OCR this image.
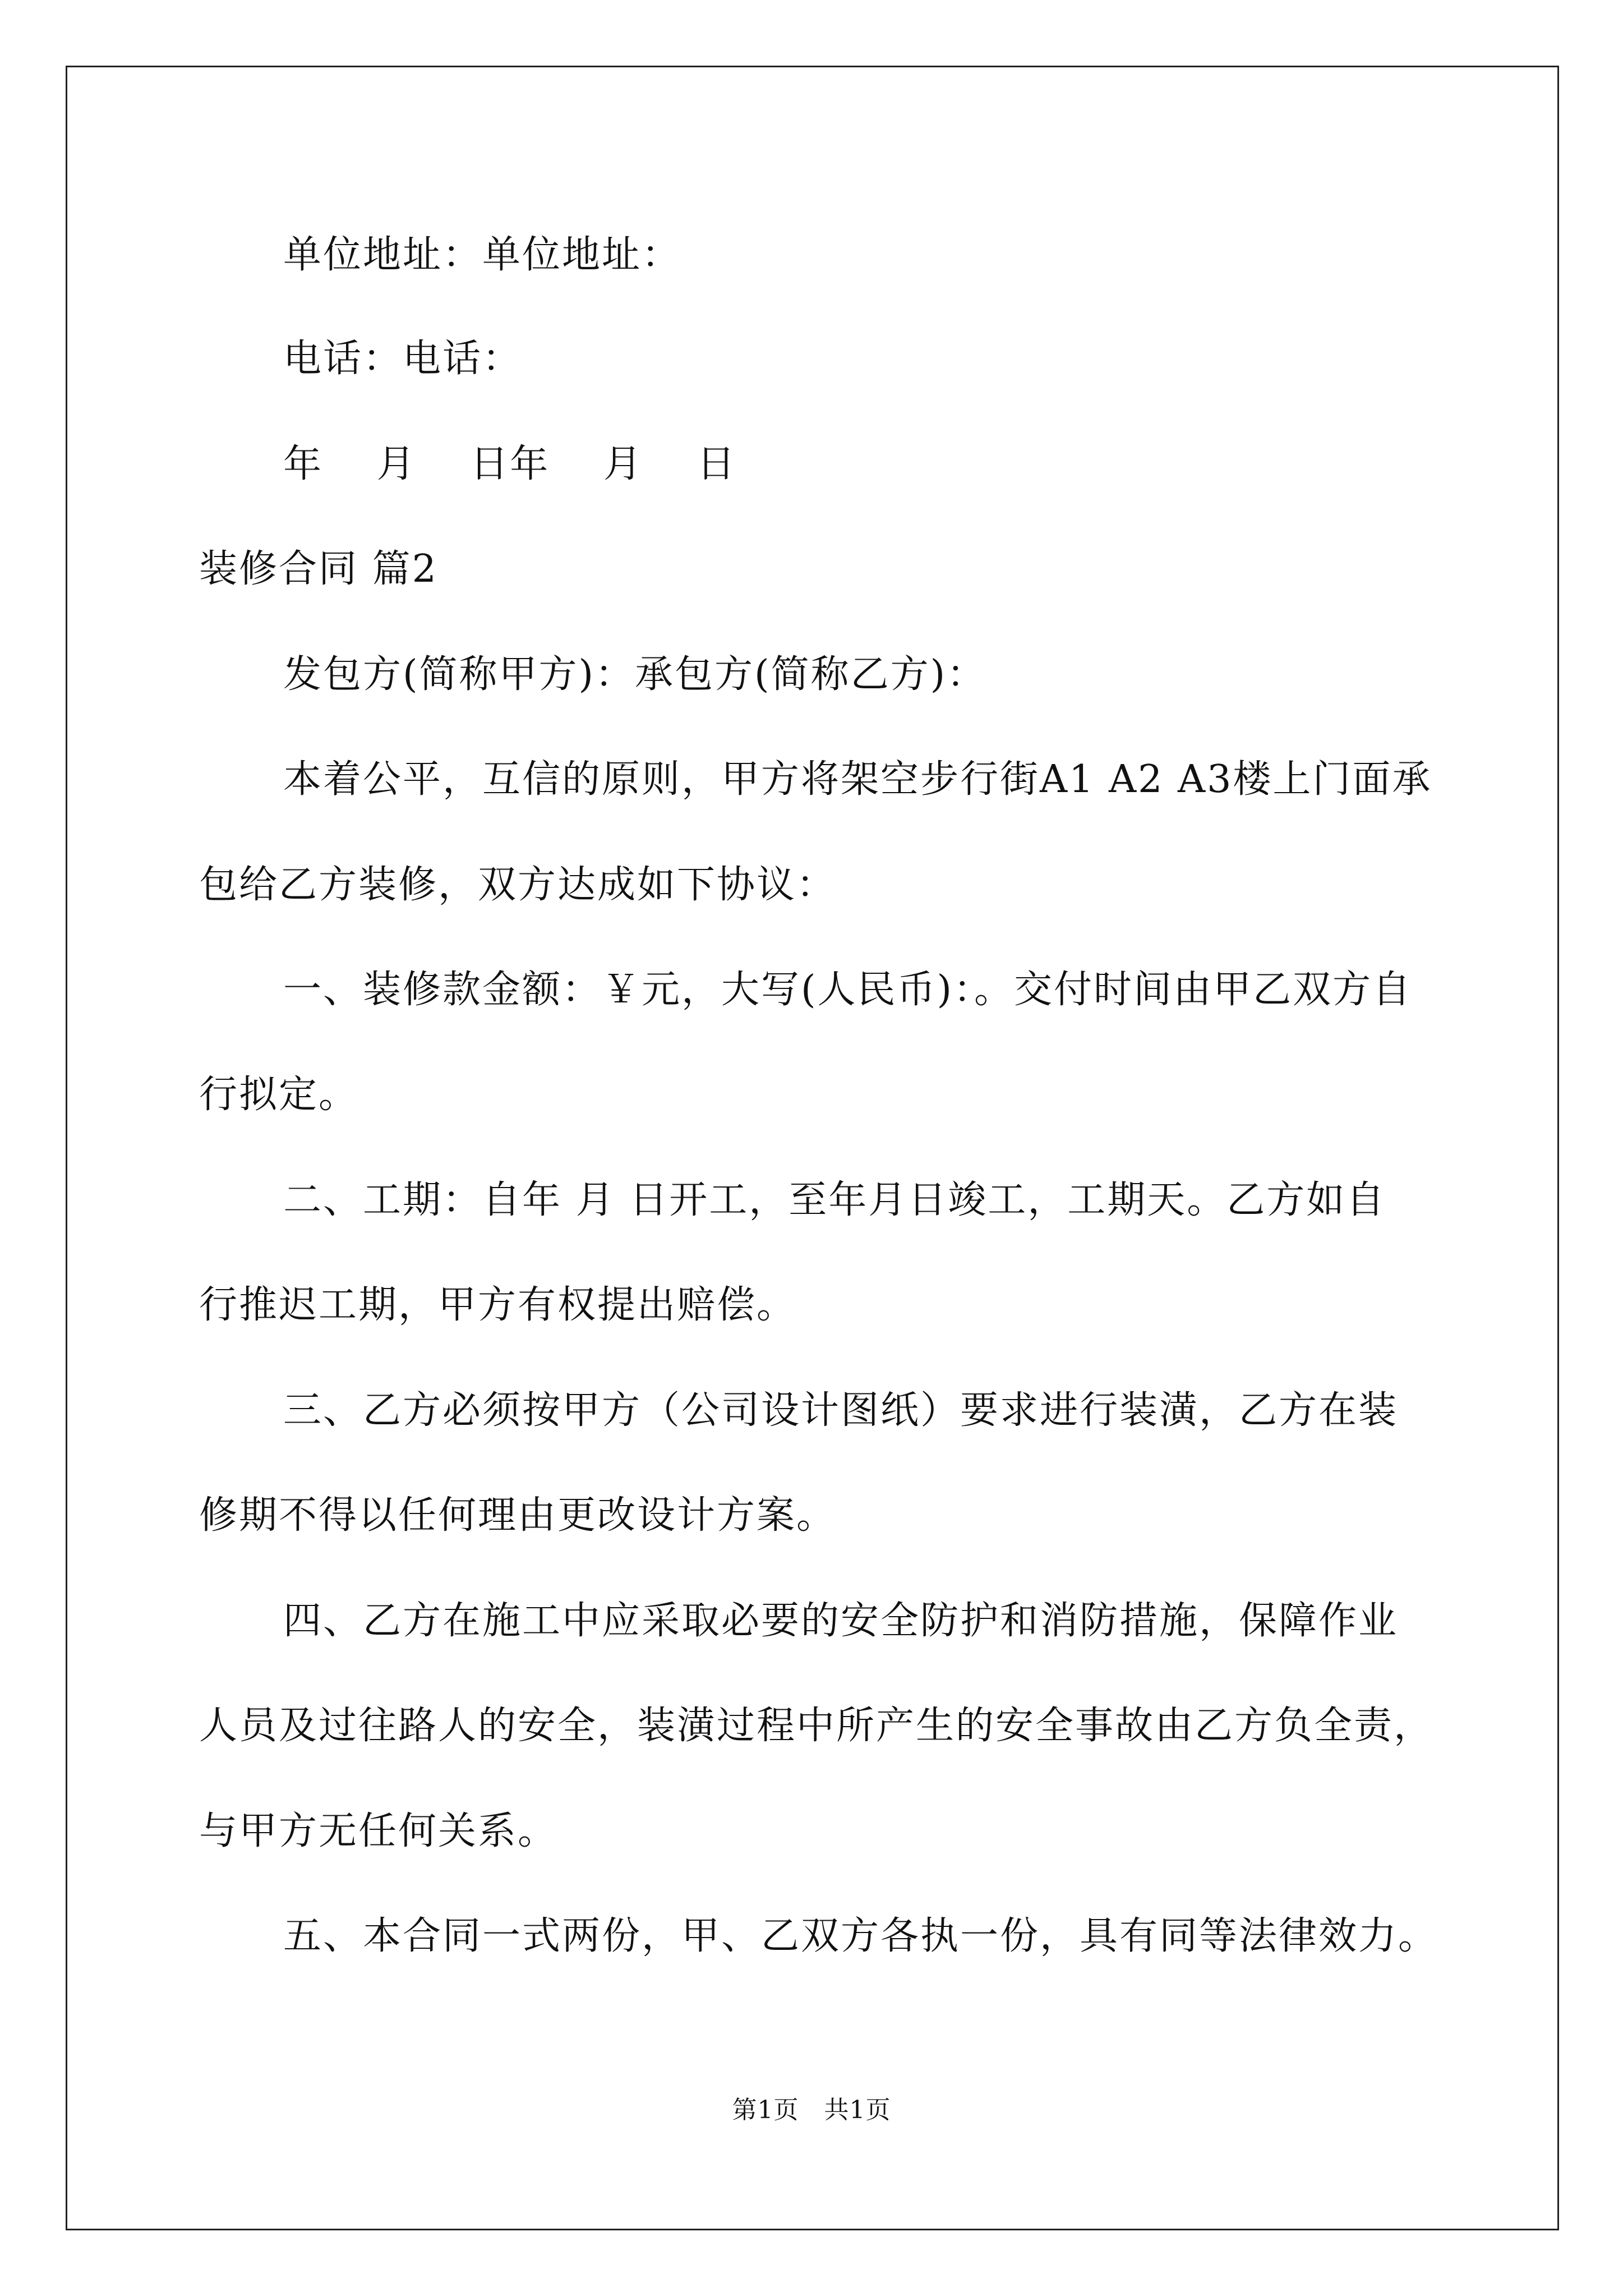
单位地址：单位地址：
电话：电话：
年　 月　 日年　 月　 日
装修合同 篇2
发包方(简称甲方)：承包方(简称乙方)：
本着公平，互信的原则，甲方将架空步行街A1 A2 A3楼上门面承
包给乙方装修，双方达成如下协议：
一、装修款金额：￥元，大写(人民币)：。交付时间由甲乙双方自
行拟定。
二、工期：自年 月 日开工，至年月日竣工，工期天。乙方如自
行推迟工期，甲方有权提出赔偿。
三、乙方必须按甲方（公司设计图纸）要求进行装潢，乙方在装
修期不得以任何理由更改设计方案。
四、乙方在施工中应采取必要的安全防护和消防措施，保障作业
人员及过往路人的安全，装潢过程中所产生的安全事故由乙方负全责，
与甲方无任何关系。
五、本合同一式两份，甲、乙双方各执一份，具有同等法律效力。
第1页　共1页
